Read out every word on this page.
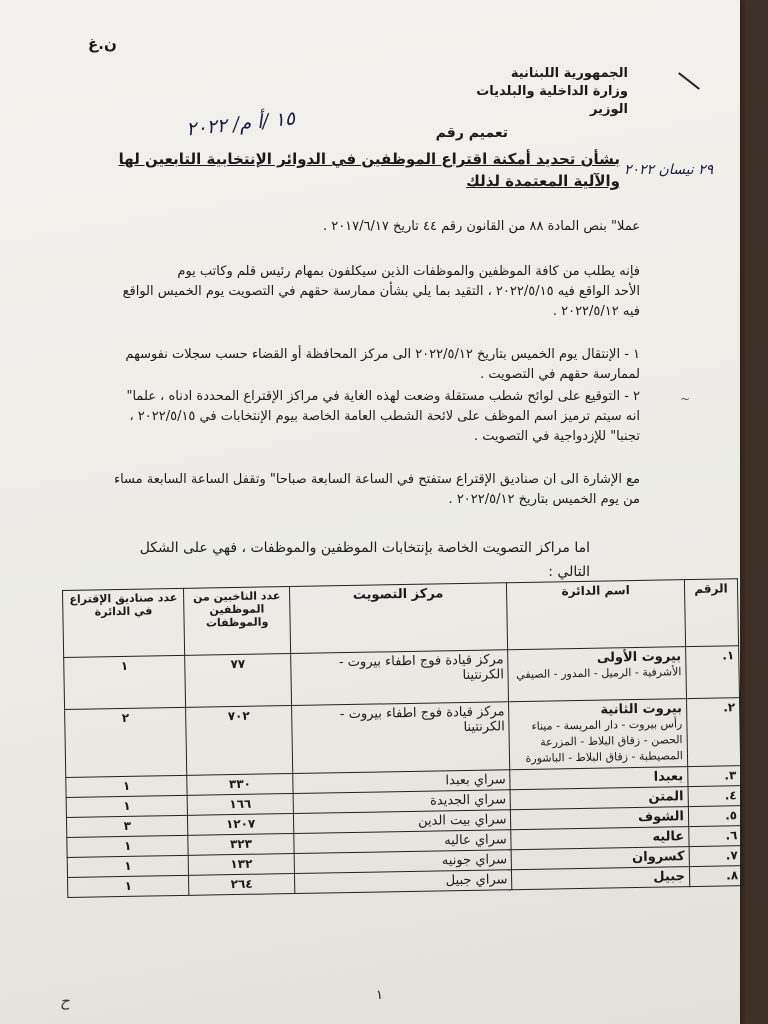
ن.غ
الجمهورية اللبنانية
وزارة الداخلية والبلديات
الوزير
١٥ /أ م/ ٢٠٢٢
تعميم رقم
٢٩ نيسان ٢٠٢٢
بشأن تحديد أمكنة اقتراع الموظفين في الدوائر الإنتخابية التابعين لها
والآلية المعتمدة لذلك
عملا" بنص المادة ٨٨ من القانون رقم ٤٤ تاريخ ٢٠١٧/٦/١٧ .
فإنه يطلب من كافة الموظفين والموظفات الذين سيكلفون بمهام رئيس قلم وكاتب يوم
الأحد الواقع فيه ٢٠٢٢/٥/١٥ ، التقيد بما يلي بشأن ممارسة حقهم في التصويت يوم الخميس الواقع
فيه ٢٠٢٢/٥/١٢ .
١ - الإنتقال يوم الخميس بتاريخ ٢٠٢٢/٥/١٢ الى مركز المحافظة أو القضاء حسب سجلات نفوسهم
لممارسة حقهم في التصويت .
٢ - التوقيع على لوائح شطب مستقلة وضعت لهذه الغاية في مراكز الإقتراع المحددة ادناه ، علما"
انه سيتم ترميز اسم الموظف على لائحة الشطب العامة الخاصة بيوم الإنتخابات في ٢٠٢٢/٥/١٥ ،
تجنبا" للإزدواجية في التصويت .
~
مع الإشارة الى ان صناديق الإقتراع ستفتح في الساعة السابعة صباحا" وتقفل الساعة السابعة مساء
من يوم الخميس بتاريخ ٢٠٢٢/٥/١٢ .
اما مراكز التصويت الخاصة بإنتخابات الموظفين والموظفات ، فهي على الشكل
التالي :
الرقم	اسم الدائرة	مركز التصويت	عدد الناخبين من الموظفين والموظفات	عدد صناديق الإقتراع في الدائرة
١.	بيروت الأولى
الأشرفية - الرميل - المدور - الصيفي	مركز قيادة فوج اطفاء بيروت - الكرنتينا	٧٧	١
٢.	بيروت الثانية
رأس بيروت - دار المريسة - ميناء الحصن - زقاق البلاط - المزرعة المصيطبة - زقاق البلاط - الباشورة	مركز قيادة فوج اطفاء بيروت - الكرنتينا	٧٠٢	٢
٣.	بعبدا	سراي بعبدا	٣٣٠	١
٤.	المتن	سراي الجديدة	١٦٦	١
٥.	الشوف	سراي بيت الدين	١٢٠٧	٣
٦.	عاليه	سراي عاليه	٣٢٣	١
٧.	كسروان	سراي جونيه	١٣٢	١
٨.	جبيل	سراي جبيل	٢٦٤	١
١
ح
